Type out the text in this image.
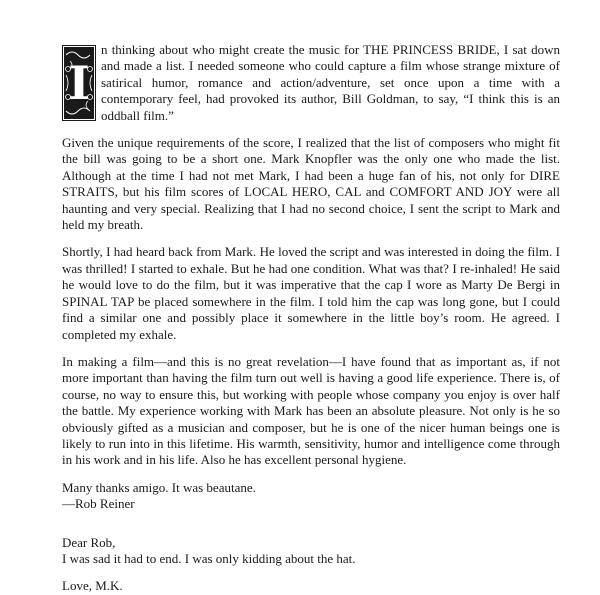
I
n thinking about who might create the music for THE PRINCESS BRIDE, I sat down and made a list. I needed someone who could capture a film whose strange mixture of satirical humor, romance and action/adventure, set once upon a time with a contemporary feel, had provoked its author, Bill Goldman, to say, “I think this is an oddball film.”

Given the unique requirements of the score, I realized that the list of composers who might fit the bill was going to be a short one. Mark Knopfler was the only one who made the list. Although at the time I had not met Mark, I had been a huge fan of his, not only for DIRE STRAITS, but his film scores of LOCAL HERO, CAL and COMFORT AND JOY were all haunting and very special. Realizing that I had no second choice, I sent the script to Mark and held my breath.

Shortly, I had heard back from Mark. He loved the script and was interested in doing the film. I was thrilled! I started to exhale. But he had one condition. What was that? I re-inhaled! He said he would love to do the film, but it was imperative that the cap I wore as Marty De Bergi in SPINAL TAP be placed somewhere in the film. I told him the cap was long gone, but I could find a similar one and possibly place it somewhere in the little boy’s room. He agreed. I completed my exhale.

In making a film—and this is no great revelation—I have found that as important as, if not more important than having the film turn out well is having a good life experience. There is, of course, no way to ensure this, but working with people whose company you enjoy is over half the battle. My experience working with Mark has been an absolute pleasure. Not only is he so obviously gifted as a musician and composer, but he is one of the nicer human beings one is likely to run into in this lifetime. His warmth, sensitivity, humor and intelligence come through in his work and in his life. Also he has excellent personal hygiene.

Many thanks amigo. It was beautane.

—Rob Reiner

Dear Rob,

I was sad it had to end. I was only kidding about the hat.

Love, M.K.
